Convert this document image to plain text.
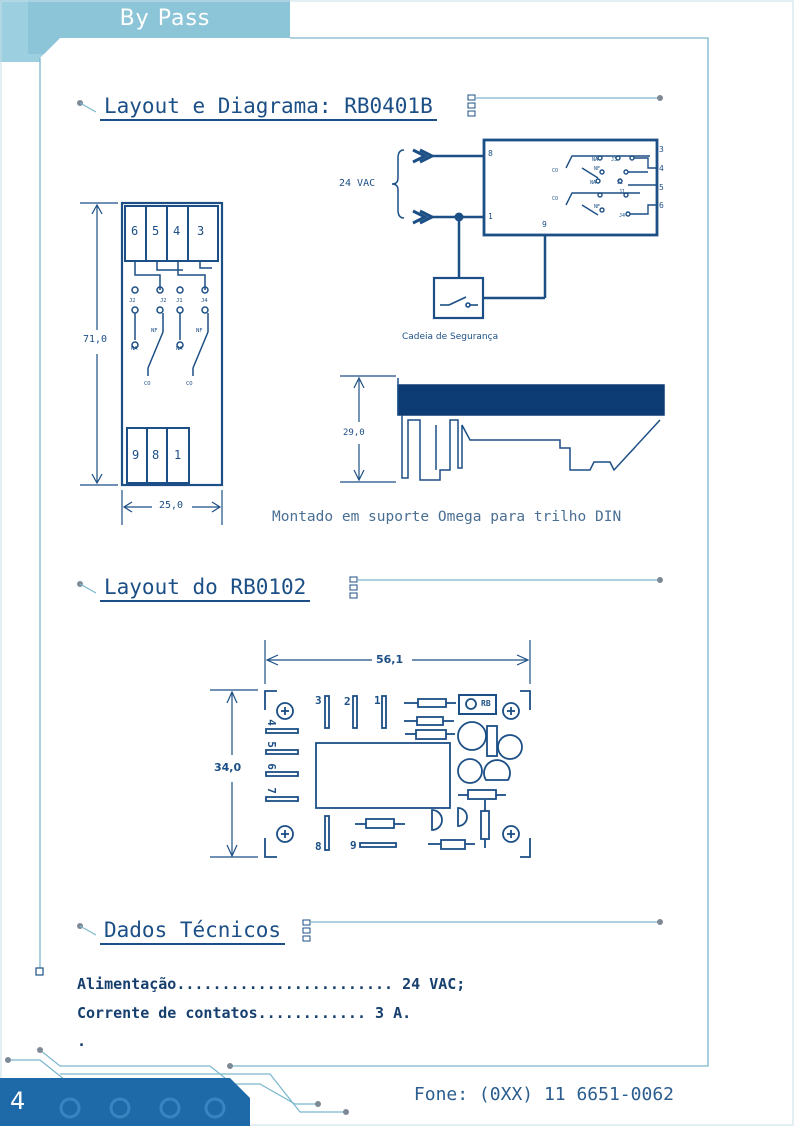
J2	J2 J1	J4
NF	NF
NA	NA
CO	CO
NA	J3
CO	NF
J2
NA
J1
CO
NF
J4
By Pass
Layout e Diagrama: RB0401B
Layout do RB0102
Dados Técnicos
6 5 4 3
9 8 1
71,0
25,0
24 VAC
8
1
9
3
4
5
6
Cadeia de Segurança
29,0
Montado em suporte Omega para trilho DIN
56,1
34,0
1
2
3
4
5
6
7
8	9
RB
Alimentação........................ 24 VAC;
Corrente de contatos............ 3 A.
.
4	Fone: (0XX) 11 6651-0062
